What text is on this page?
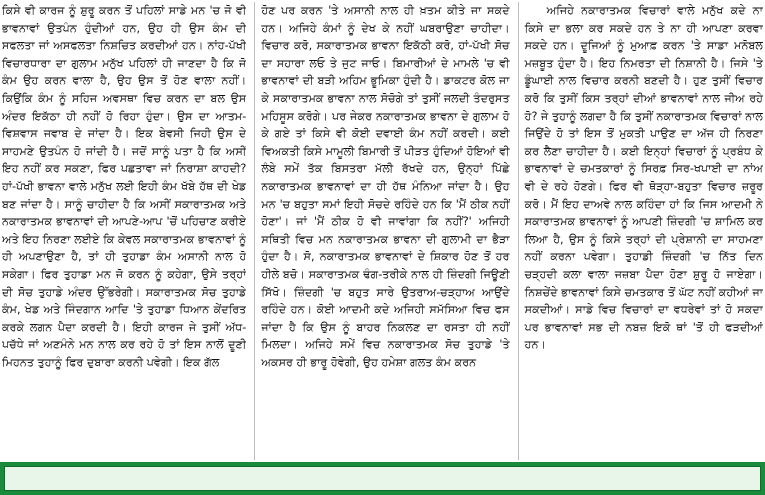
ਕਿਸੇ ਵੀ ਕਾਰਜ ਨੂੰ ਸ਼ੁਰੂ ਕਰਨ ਤੋਂ ਪਹਿਲਾਂ ਸਾਡੇ ਮਨ 'ਚ ਜੋ ਵੀ ਭਾਵਨਾਵਾਂ ਉਤਪੰਨ ਹੁੰਦੀਆਂ ਹਨ, ਉਹ ਹੀ ਉਸ ਕੰਮ ਦੀ ਸਫਲਤਾ ਜਾਂ ਅਸਫਲਤਾ ਨਿਸ਼ਚਿਤ ਕਰਦੀਆਂ ਹਨ। ਨਾਂਹ-ਪੱਖੀ ਵਿਚਾਰਧਾਰਾ ਦਾ ਗੁਲਾਮ ਮਨੁੱਖ ਪਹਿਲਾਂ ਹੀ ਜਾਣਦਾ ਹੈ ਕਿ ਜੋ ਕੰਮ ਉਹ ਕਰਨ ਵਾਲਾ ਹੈ, ਉਹ ਉਸ ਤੋਂ ਹੋਣ ਵਾਲਾ ਨਹੀਂ। ਕਿਉਂਕਿ ਕੰਮ ਨੂੰ ਸਹਿਜ ਅਵਸਥਾ ਵਿਚ ਕਰਨ ਦਾ ਬਲ ਉਸ ਅੰਦਰ ਇਕੱਠਾ ਹੀ ਨਹੀਂ ਹੋ ਰਿਹਾ ਹੁੰਦਾ। ਉਸ ਦਾ ਆਤਮ-ਵਿਸ਼ਵਾਸ ਜਵਾਬ ਦੇ ਜਾਂਦਾ ਹੈ। ਇਕ ਬੇਵਸੀ ਜਿਹੀ ਉਸ ਦੇ ਸਾਹਮਣੇ ਉਤਪੰਨ ਹੋ ਜਾਂਦੀ ਹੈ। ਜਦੋਂ ਸਾਨੂੰ ਪਤਾ ਹੈ ਕਿ ਅਸੀਂ ਇਹ ਨਹੀਂ ਕਰ ਸਕਣਾ, ਫਿਰ ਪਛਤਾਵਾ ਜਾਂ ਨਿਰਾਸ਼ਾ ਕਾਹਦੀ? ਹਾਂ-ਪੱਖੀ ਭਾਵਨਾ ਵਾਲੇ ਮਨੁੱਖ ਲਈ ਇਹੀ ਕੰਮ ਖੱਬੇ ਹੱਥ ਦੀ ਖੇਡ ਬਣ ਜਾਂਦਾ ਹੈ। ਸਾਨੂੰ ਚਾਹੀਦਾ ਹੈ ਕਿ ਅਸੀਂ ਸਕਾਰਾਤਮਕ ਅਤੇ ਨਕਾਰਾਤਮਕ ਭਾਵਨਾਵਾਂ ਦੀ ਆਪਣੇ-ਆਪ 'ਚੋਂ ਪਹਿਚਾਣ ਕਰੀਏ ਅਤੇ ਇਹ ਨਿਰਣਾ ਲਈਏ ਕਿ ਕੇਵਲ ਸਕਾਰਾਤਮਕ ਭਾਵਨਾਵਾਂ ਨੂੰ ਹੀ ਅਪਣਾਉਣਾ ਹੈ, ਤਾਂ ਹੀ ਤੁਹਾਡਾ ਕੰਮ ਅਸਾਨੀ ਨਾਲ ਹੋ ਸਕੇਗਾ। ਫਿਰ ਤੁਹਾਡਾ ਮਨ ਜੋ ਕਰਨ ਨੂੰ ਕਹੇਗਾ, ਉਸੇ ਤਰ੍ਹਾਂ ਦੀ ਸੋਚ ਤੁਹਾਡੇ ਅੰਦਰ ਉੱਭਰੇਗੀ। ਸਕਾਰਾਤਮਕ ਸੋਚ ਤੁਹਾਡੇ ਕੰਮ, ਖੇਡ ਅਤੇ ਜਿੰਦਗਾਨ ਆਦਿ 'ਤੇ ਤੁਹਾਡਾ ਧਿਆਨ ਕੇਂਦਰਿਤ ਕਰਕੇ ਲਗਨ ਪੈਦਾ ਕਰਦੀ ਹੈ। ਇਹੀ ਕਾਰਜ ਜੇ ਤੁਸੀਂ ਅੱਧ-ਪਚੱਧੇ ਜਾਂ ਅਣਮੰਨੇ ਮਨ ਨਾਲ ਕਰ ਰਹੇ ਹੋ ਤਾਂ ਇਸ ਨਾਲੋਂ ਦੂਣੀ ਮਿਹਨਤ ਤੁਹਾਨੂੰ ਫਿਰ ਦੁਬਾਰਾ ਕਰਨੀ ਪਵੇਗੀ। ਇਕ ਗੱਲ
ਹੋਣ ਪਰ ਕਰਨ 'ਤੇ ਅਸਾਨੀ ਨਾਲ ਹੀ ਖ਼ਤਮ ਕੀਤੇ ਜਾ ਸਕਦੇ ਹਨ। ਅਜਿਹੇ ਕੰਮਾਂ ਨੂੰ ਦੇਖ ਕੇ ਨਹੀਂ ਘਬਰਾਉਣਾ ਚਾਹੀਦਾ। ਵਿਚਾਰ ਕਰੋ, ਸਕਾਰਾਤਮਕ ਭਾਵਨਾ ਇਕੱਠੀ ਕਰੋ, ਹਾਂ-ਪੱਖੀ ਸੋਚ ਦਾ ਸਹਾਰਾ ਲਓ ਤੇ ਜੁਟ ਜਾਓ। ਬਿਮਾਰੀਆਂ ਦੇ ਮਾਮਲੇ 'ਚ ਵੀ ਭਾਵਨਾਵਾਂ ਦੀ ਬੜੀ ਅਹਿਮ ਭੂਮਿਕਾ ਹੁੰਦੀ ਹੈ। ਡਾਕਟਰ ਕੋਲ ਜਾ ਕੇ ਸਕਾਰਾਤਮਕ ਭਾਵਨਾ ਨਾਲ ਸੋਚੋਗੇ ਤਾਂ ਤੁਸੀਂ ਜਲਦੀ ਤੰਦਰੁਸਤ ਮਹਿਸੂਸ ਕਰੋਗੇ। ਪਰ ਜੇਕਰ ਨਕਾਰਾਤਮਕ ਭਾਵਨਾ ਦੇ ਗੁਲਾਮ ਹੋ ਕੇ ਗਏ ਤਾਂ ਕਿਸੇ ਵੀ ਕੋਈ ਦਵਾਈ ਕੰਮ ਨਹੀਂ ਕਰਦੀ। ਕਈ ਵਿਅਕਤੀ ਕਿਸੇ ਮਾਮੂਲੀ ਬਿਮਾਰੀ ਤੋਂ ਪੀੜਤ ਹੁੰਦਿਆਂ ਹੋਇਆਂ ਵੀ ਲੰਬੇ ਸਮੇਂ ਤੱਕ ਬਿਸਤਰਾ ਮੱਲੀ ਰੱਖਦੇ ਹਨ, ਉਨ੍ਹਾਂ ਪਿੱਛੇ ਨਕਾਰਾਤਮਕ ਭਾਵਨਾਵਾਂ ਦਾ ਹੀ ਹੱਥ ਮੰਨਿਆ ਜਾਂਦਾ ਹੈ। ਉਹ ਮਨ 'ਚ ਬਹੁਤਾ ਸਮਾਂ ਇਹੀ ਸੋਚਦੇ ਰਹਿੰਦੇ ਹਨ ਕਿ 'ਮੈਂ ਠੀਕ ਨਹੀਂ ਹੋਣਾ'। ਜਾਂ 'ਮੈਂ ਠੀਕ ਹੋ ਵੀ ਜਾਵਾਂਗਾ ਕਿ ਨਹੀਂ?' ਅਜਿਹੀ ਸਥਿਤੀ ਵਿਚ ਮਨ ਨਕਾਰਾਤਮਕ ਭਾਵਨਾ ਦੀ ਗੁਲਾਮੀ ਦਾ ਭੈੜਾ ਹੁੰਦਾ ਹੈ। ਸੋ, ਨਕਾਰਾਤਮਕ ਭਾਵਨਾਵਾਂ ਦੇ ਸ਼ਿਕਾਰ ਹੋਣ ਤੋਂ ਹਰ ਹੀਲੇ ਬਚੋ। ਸਕਾਰਾਤਮਕ ਢੰਗ-ਤਰੀਕੇ ਨਾਲ ਹੀ ਜ਼ਿੰਦਗੀ ਜਿਊਣੀ ਸਿੱਖੋ। ਜ਼ਿੰਦਗੀ 'ਚ ਬਹੁਤ ਸਾਰੇ ਉਤਰਾਅ-ਚੜ੍ਹਾਅ ਆਉਂਦੇ ਰਹਿੰਦੇ ਹਨ। ਕੋਈ ਆਦਮੀ ਕਦੇ ਅਜਿਹੀ ਸਮੱਸਿਆ ਵਿਚ ਫਸ ਜਾਂਦਾ ਹੈ ਕਿ ਉਸ ਨੂੰ ਬਾਹਰ ਨਿਕਲਣ ਦਾ ਰਸਤਾ ਹੀ ਨਹੀਂ ਮਿਲਦਾ। ਅਜਿਹੇ ਸਮੇਂ ਵਿਚ ਨਕਾਰਾਤਮਕ ਸੋਚ ਤੁਹਾਡੇ 'ਤੇ ਅਕਸਰ ਹੀ ਭਾਰੂ ਹੋਵੇਗੀ, ਉਹ ਹਮੇਸ਼ਾ ਗਲਤ ਕੰਮ ਕਰਨ
ਅਜਿਹੇ ਨਕਾਰਾਤਮਕ ਵਿਚਾਰਾਂ ਵਾਲੇ ਮਨੁੱਖ ਕਦੇ ਨਾ ਕਿਸੇ ਦਾ ਭਲਾ ਕਰ ਸਕਦੇ ਹਨ ਤੇ ਨਾ ਹੀ ਆਪਣਾ ਕਰਵਾ ਸਕਦੇ ਹਨ। ਦੂਜਿਆਂ ਨੂੰ ਮੁਆਫ਼ ਕਰਨ 'ਤੇ ਸਾਡਾ ਮਨੋਬਲ ਮਜ਼ਬੂਤ ਹੁੰਦਾ ਹੈ। ਇਹ ਨਿਮਰਤਾ ਦੀ ਨਿਸ਼ਾਨੀ ਹੈ। ਜਿਸੇ 'ਤੇ ਡੂੰਘਾਈ ਨਾਲ ਵਿਚਾਰ ਕਰਨੀ ਬਣਦੀ ਹੈ। ਹੁਣ ਤੁਸੀਂ ਵਿਚਾਰ ਕਰੋ ਕਿ ਤੁਸੀਂ ਕਿਸ ਤਰ੍ਹਾਂ ਦੀਆਂ ਭਾਵਨਾਵਾਂ ਨਾਲ ਜੀਅ ਰਹੇ ਹੋ? ਜੇ ਤੁਹਾਨੂੰ ਲਗਦਾ ਹੈ ਕਿ ਤੁਸੀਂ ਨਕਾਰਾਤਮਕ ਵਿਚਾਰਾਂ ਨਾਲ ਜਿਉਂਦੇ ਹੋ ਤਾਂ ਇਸ ਤੋਂ ਮੁਕਤੀ ਪਾਉਣ ਦਾ ਅੱਜ ਹੀ ਨਿਰਣਾ ਕਰ ਲੈਣਾ ਚਾਹੀਦਾ ਹੈ। ਕਈ ਇਨ੍ਹਾਂ ਵਿਚਾਰਾਂ ਨੂੰ ਪ੍ਰਬੰਧ ਕੇ ਭਾਵਨਾਵਾਂ ਦੇ ਚਮਤਕਾਰਾਂ ਨੂੰ ਸਿਰਫ਼ ਸਿਰ-ਖਪਾਈ ਦਾ ਨਾਂਅ ਵੀ ਦੇ ਰਹੇ ਹੋਣਗੇ। ਫਿਰ ਵੀ ਥੋੜ੍ਹਾ-ਬਹੁਤਾ ਵਿਚਾਰ ਜ਼ਰੂਰ ਕਰੋ। ਮੈਂ ਇਹ ਦਾਅਵੇ ਨਾਲ ਕਹਿੰਦਾ ਹਾਂ ਕਿ ਜਿਸ ਆਦਮੀ ਨੇ ਸਕਾਰਾਤਮਕ ਭਾਵਨਾਵਾਂ ਨੂੰ ਆਪਣੀ ਜ਼ਿੰਦਗੀ 'ਚ ਸ਼ਾਮਿਲ ਕਰ ਲਿਆ ਹੈ, ਉਸ ਨੂੰ ਕਿਸੇ ਤਰ੍ਹਾਂ ਦੀ ਪ੍ਰੇਸ਼ਾਨੀ ਦਾ ਸਾਹਮਣਾ ਨਹੀਂ ਕਰਨਾ ਪਵੇਗਾ। ਤੁਹਾਡੀ ਜ਼ਿੰਦਗੀ 'ਚ ਨਿੱਤ ਦਿਨ ਚੜ੍ਹਦੀ ਕਲਾ ਵਾਲਾ ਜਜ਼ਬਾ ਪੈਦਾ ਹੋਣਾ ਸ਼ੁਰੂ ਹੋ ਜਾਏਗਾ। ਨਿਸ਼ਚੇਂਦੇ ਭਾਵਨਾਵਾਂ ਕਿਸੇ ਚਮਤਕਾਰ ਤੋਂ ਘੱਟ ਨਹੀਂ ਕਹੀਆਂ ਜਾ ਸਕਦੀਆਂ। ਸਾਡੇ ਵਿਚ ਵਿਚਾਰਾਂ ਦਾ ਵਧਰੇਵਾਂ ਤਾਂ ਹੋ ਸਕਦਾ ਪਰ ਭਾਵਨਾਵਾਂ ਸਭ ਦੀ ਨਬਜ਼ ਇਕੋ ਥਾਂ 'ਤੋਂ ਹੀ ਫੜਦੀਆਂ ਹਨ।
